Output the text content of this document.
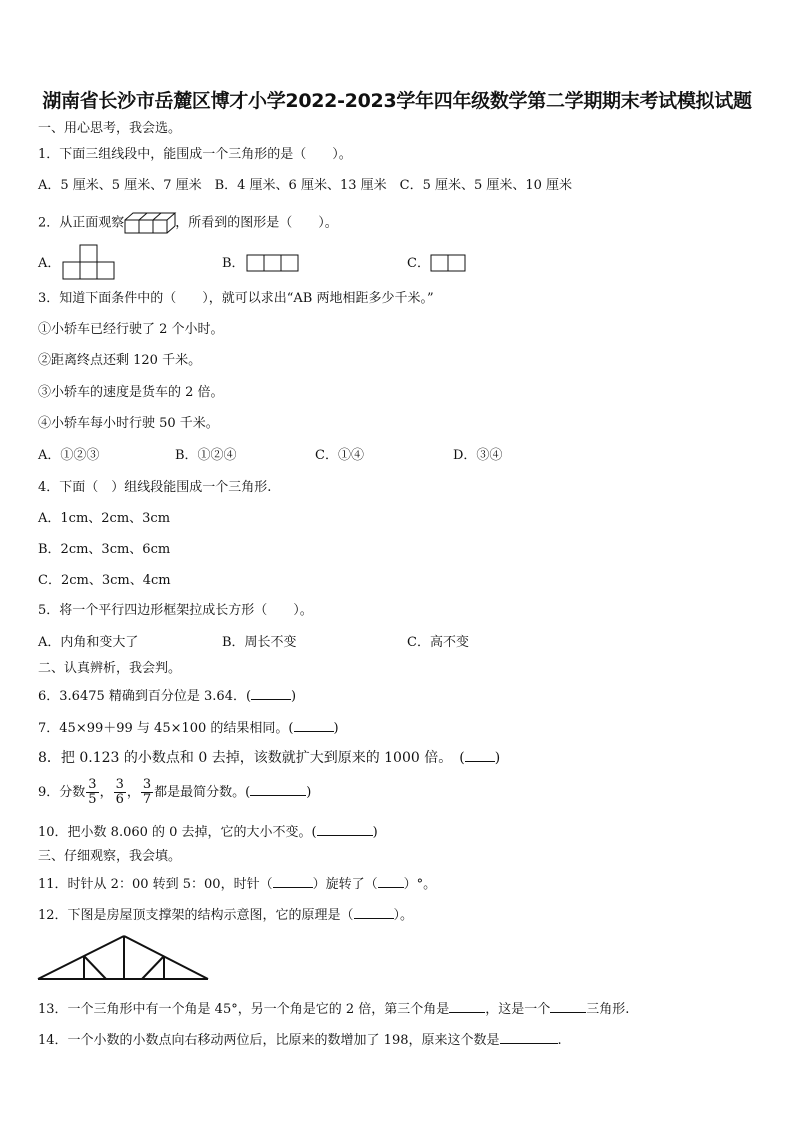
湖南省长沙市岳麓区博才小学2022-2023学年四年级数学第二学期期末考试模拟试题
一、用心思考，我会选。
1．下面三组线段中，能围成一个三角形的是（　　）。
A．5 厘米、5 厘米、7 厘米　B．4 厘米、6 厘米、13 厘米　C．5 厘米、5 厘米、10 厘米
2．从正面观察	，所看到的图形是（　　）。
A．	B．	C．
3．知道下面条件中的（　　），就可以求出“AB 两地相距多少千米。”
①小轿车已经行驶了 2 个小时。
②距离终点还剩 120 千米。
③小轿车的速度是货车的 2 倍。
④小轿车每小时行驶 50 千米。
A．①②③	B．①②④	C．①④	D．③④
4．下面（　）组线段能围成一个三角形.
A．1cm、2cm、3cm
B．2cm、3cm、6cm
C．2cm、3cm、4cm
5．将一个平行四边形框架拉成长方形（　　）。
A．内角和变大了	B．周长不变	C．高不变
二、认真辨析，我会判。
6．3.6475 精确到百分位是 3.64．(	)
7．45×99＋99 与 45×100 的结果相同。(	)
8．把 0.123 的小数点和 0 去掉，该数就扩大到原来的 1000 倍。　( )
9．分数 $\frac{3}{5}$ ， $\frac{3}{6}$ ， $\frac{3}{7}$ 都是最简分数。(	)
10．把小数 8.060 的 0 去掉，它的大小不变。(	)
三、仔细观察，我会填。
11．时针从 2：00 转到 5：00，时针（	）旋转了（ ）°。
12．下图是房屋顶支撑架的结构示意图，它的原理是（	）。
13．一个三角形中有一个角是 45°，另一个角是它的 2 倍，第三个角是	，这是一个	三角形.
14．一个小数的小数点向右移动两位后，比原来的数增加了 198，原来这个数是	.
